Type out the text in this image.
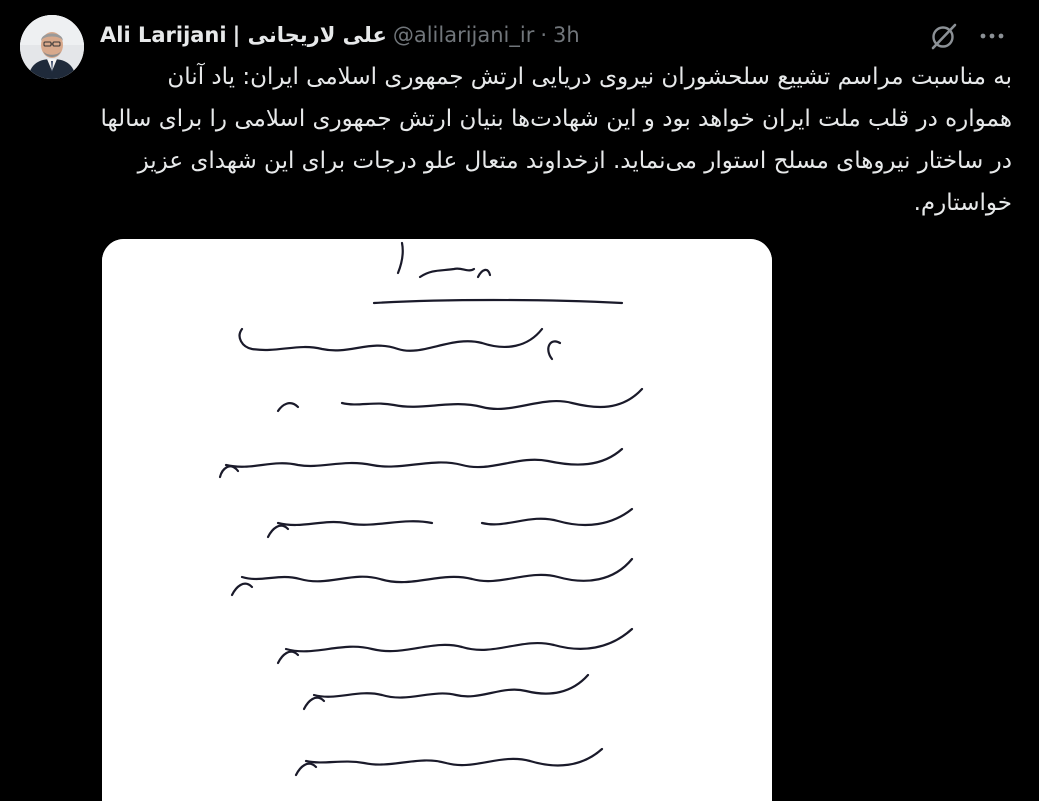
Ali Larijani | علی لاریجانی @alilarijani_ir · 3h
به مناسبت مراسم تشییع سلحشوران نیروی دریایی ارتش جمهوری اسلامی ایران: یاد آنان همواره در قلب ملت ایران خواهد بود و این شهادت‌ها بنیان ارتش جمهوری اسلامی را برای سالها در ساختار نیروهای مسلح استوار می‌نماید. ازخداوند متعال علو درجات برای این شهدای عزیز خواستارم.
